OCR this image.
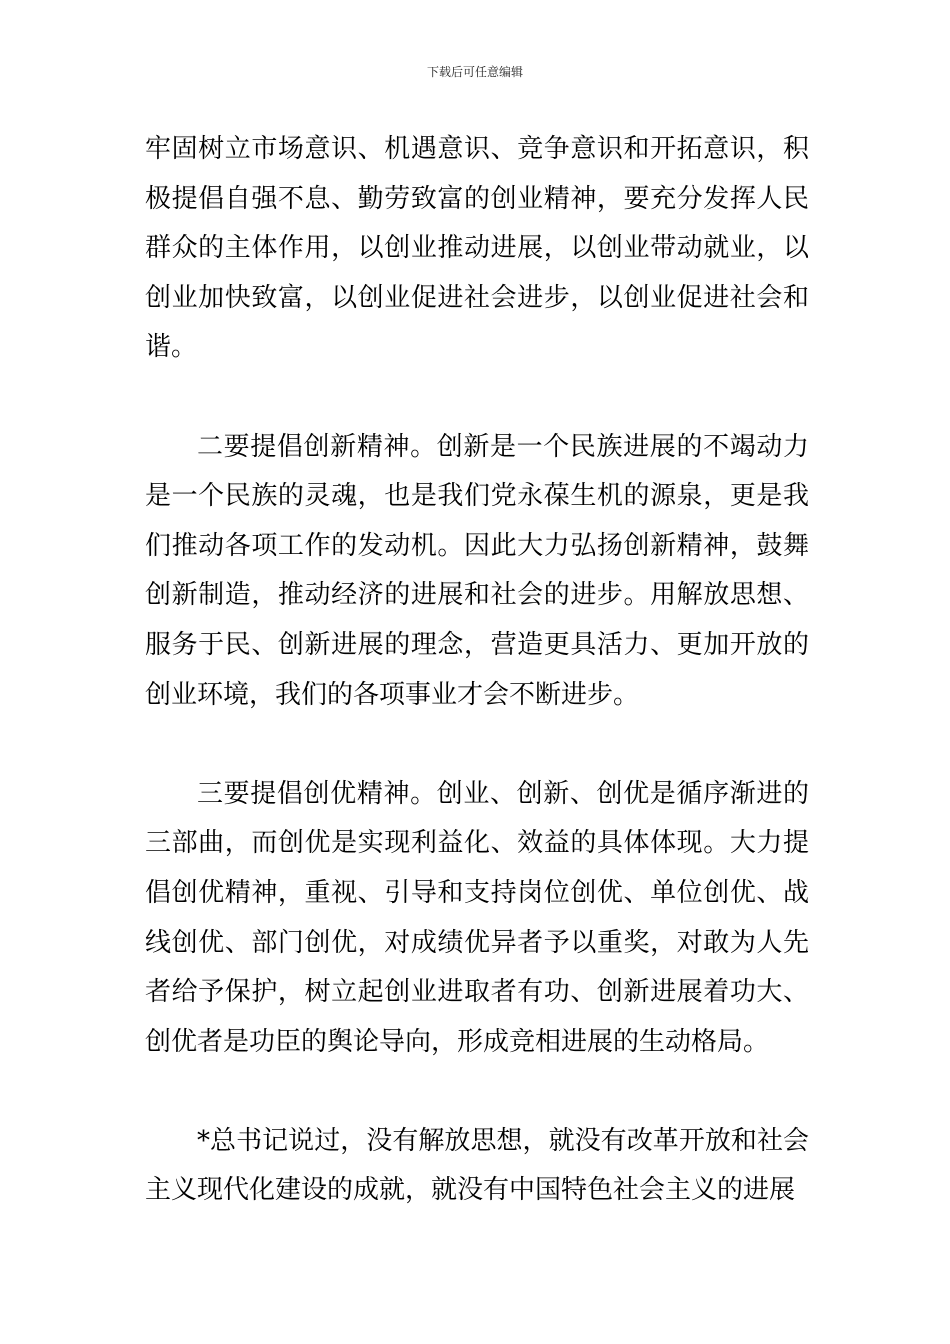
下载后可任意编辑

牢固树立市场意识、机遇意识、竞争意识和开拓意识，积极提倡自强不息、勤劳致富的创业精神，要充分发挥人民群众的主体作用，以创业推动进展，以创业带动就业，以创业加快致富，以创业促进社会进步，以创业促进社会和谐。

二要提倡创新精神。创新是一个民族进展的不竭动力是一个民族的灵魂，也是我们党永葆生机的源泉，更是我们推动各项工作的发动机。因此大力弘扬创新精神，鼓舞创新制造，推动经济的进展和社会的进步。用解放思想、服务于民、创新进展的理念，营造更具活力、更加开放的创业环境，我们的各项事业才会不断进步。

三要提倡创优精神。创业、创新、创优是循序渐进的三部曲，而创优是实现利益化、效益的具体体现。大力提倡创优精神，重视、引导和支持岗位创优、单位创优、战线创优、部门创优，对成绩优异者予以重奖，对敢为人先者给予保护，树立起创业进取者有功、创新进展着功大、创优者是功臣的舆论导向，形成竞相进展的生动格局。

*总书记说过，没有解放思想，就没有改革开放和社会主义现代化建设的成就，就没有中国特色社会主义的进展
